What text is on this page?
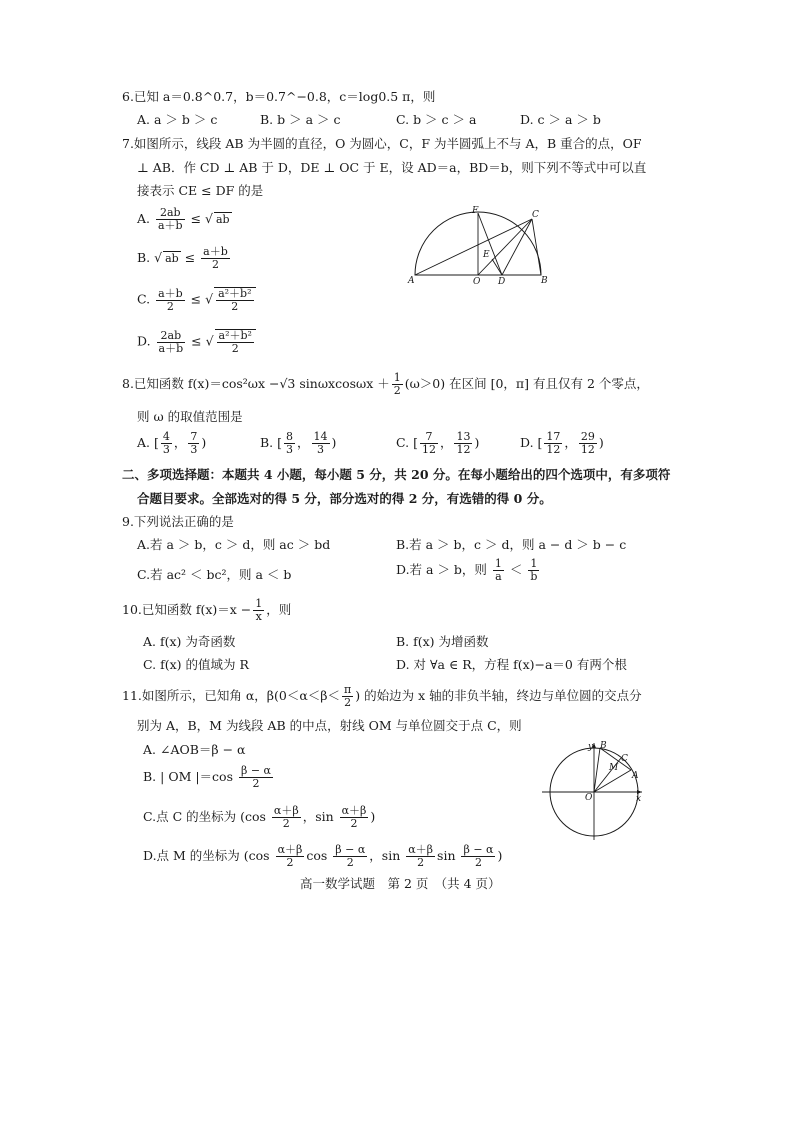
6.已知 a＝0.8^0.7，b＝0.7^−0.8，c＝log0.5 π，则
A. a ＞ b ＞ c	B. b ＞ a ＞ c	C. b ＞ c ＞ a	D. c ＞ a ＞ b
7.如图所示，线段 AB 为半圆的直径，O 为圆心，C，F 为半圆弧上不与 A，B 重合的点，OF
⊥ AB．作 CD ⊥ AB 于 D，DE ⊥ OC 于 E，设 AD＝a，BD＝b，则下列不等式中可以直
接表示 CE ≤ DF 的是
A. $\frac{2ab}{a+b}$ ≤ √ ab
B. √ ab ≤ $\frac{a+b}{2}$
C. $\frac{a+b}{2}$ ≤ √ $\frac{\text{a²＋b²}}{2}$
D. $\frac{2ab}{a+b}$ ≤ √ $\frac{\text{a²＋b²}}{2}$
F	C
E
A	O D	B
8.已知函数 f(x)＝cos²ωx −√3 $\sin\omega xcos\omega x + \frac{1}{2} (\omega>0)$ 在区间 [0，π] 有且仅有 2 个零点，
则 ω 的取值范围是
A. [ $\frac{4}{3}$ ， $\frac{7}{3}$ )	B. [ $\frac{8}{3}$ ， $\frac{14}{3}$ )	C. [ $\frac{7}{12}$ ， $\frac{13}{12}$ )	D. [ $\frac{17}{12}$ ， $\frac{29}{12}$ )
二、多项选择题：本题共 4 小题，每小题 5 分，共 20 分。在每小题给出的四个选项中，有多项符
合题目要求。全部选对的得 5 分，部分选对的得 2 分，有选错的得 0 分。
9.下列说法正确的是
A.若 a ＞ b，c ＞ d，则 ac ＞ bd	B.若 a ＞ b，c ＞ d，则 a − d ＞ b − c
C.若 ac² ＜ bc²，则 a ＜ b	D.若 a ＞ b，则 $\frac{1}{a} < \frac{1}{b}$
10.已知函数 $f(x)=x - \frac{1}{x}$ ，则
A. f(x) 为奇函数	B. f(x) 为增函数
C. f(x) 的值域为 R	D. 对 ∀a ∈ R，方程 f(x)−a＝0 有两个根
11.如图所示，已知角 α，$\beta(0<\alpha<\beta< \frac{\pi}{2}$ ) 的始边为 x 轴的非负半轴，终边与单位圆的交点分
别为 A，B，M 为线段 AB 的中点，射线 OM 与单位圆交于点 C，则
A. ∠AOB＝β − α
B. | OM $|=\cos \frac{\beta - \alpha}{2}$
C.点 C 的坐标为 ($\cos \frac{\alpha+\beta}{2}$ ，$\sin \frac{\alpha+\beta}{2}$ )
D.点 M 的坐标为 ($\cos \frac{\alpha+\beta}{2}$ $\cos \frac{\beta - \alpha}{2}$ ，$\sin \frac{\alpha+\beta}{2}$ $\sin \frac{\beta - \alpha}{2}$ )
y B
C
M
A
O	x
高一数学试题　第 2 页　（共 4 页）
